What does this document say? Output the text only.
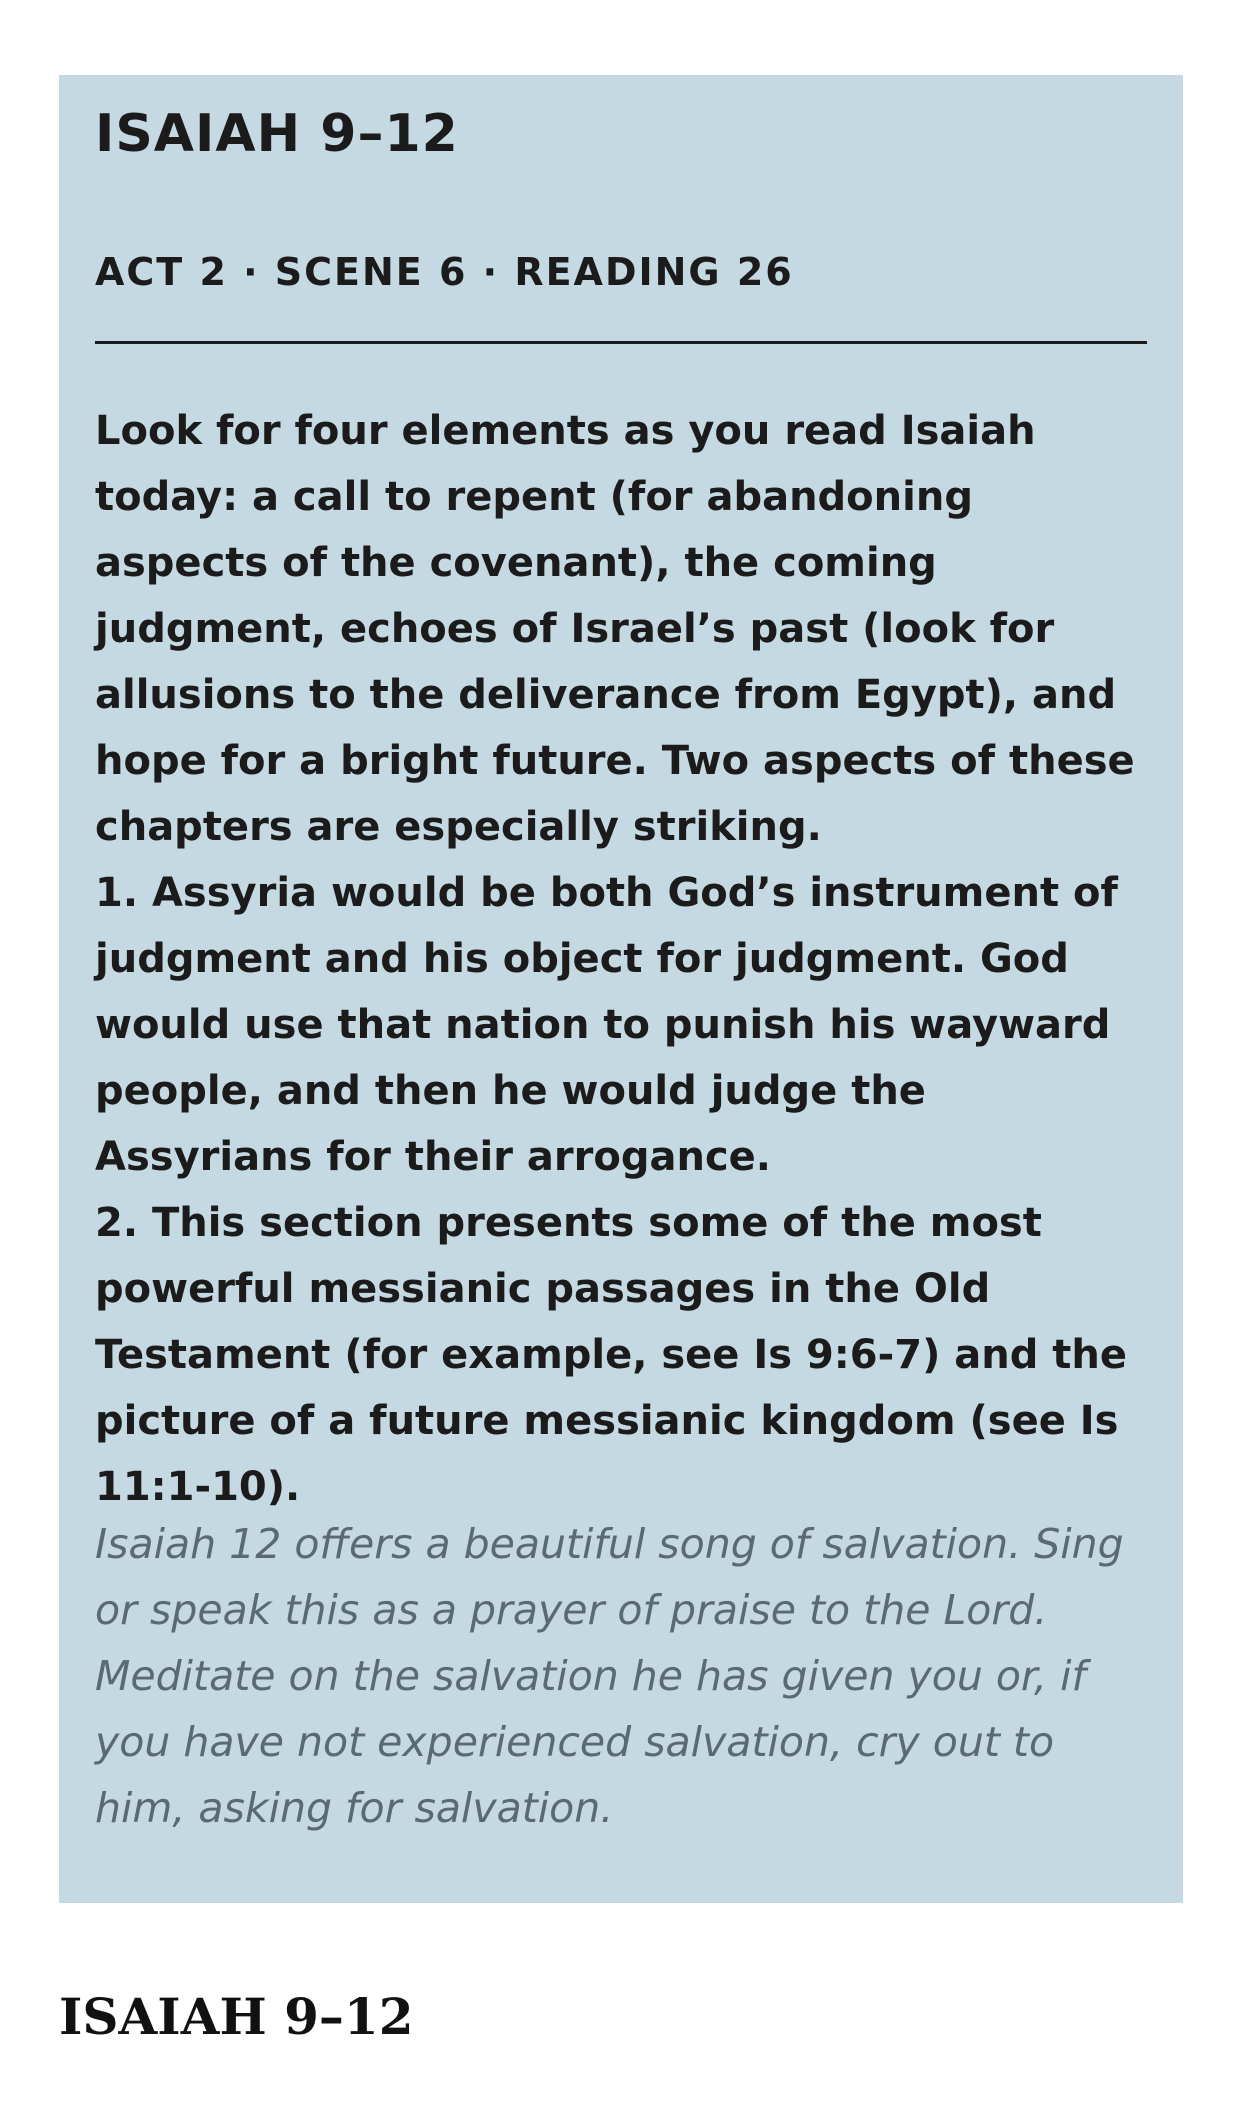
ISAIAH 9–12
ACT 2 · SCENE 6 · READING 26

Look for four elements as you read Isaiah today: a call to repent (for abandoning aspects of the covenant), the coming judgment, echoes of Israel’s past (look for allusions to the deliverance from Egypt), and hope for a bright future. Two aspects of these chapters are especially striking.

1. Assyria would be both God’s instrument of judgment and his object for judgment. God would use that nation to punish his wayward people, and then he would judge the Assyrians for their arrogance.

2. This section presents some of the most powerful messianic passages in the Old Testament (for example, see Is 9:6-7) and the picture of a future messianic kingdom (see Is 11:1-10).

Isaiah 12 offers a beautiful song of salvation. Sing or speak this as a prayer of praise to the Lord. Meditate on the salvation he has given you or, if you have not experienced salvation, cry out to him, asking for salvation.

ISAIAH 9–12
